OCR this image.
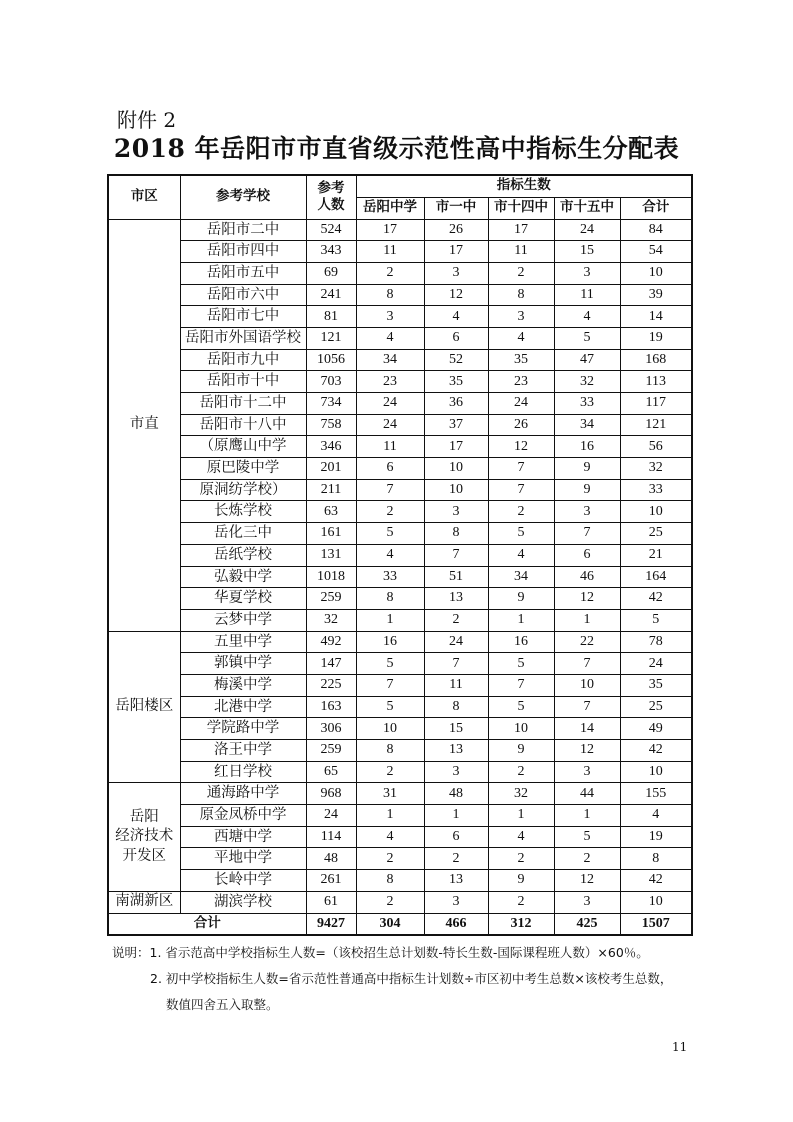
附件 2
2018 年岳阳市市直省级示范性高中指标生分配表
市区	参考学校	参考人数	指标生数				
			岳阳中学	市一中	市十四中	市十五中	合计
市直	岳阳市二中	524	17	26	17	24	84
	岳阳市四中	343	11	17	11	15	54
	岳阳市五中	69	2	3	2	3	10
	岳阳市六中	241	8	12	8	11	39
	岳阳市七中	81	3	4	3	4	14
	岳阳市外国语学校	121	4	6	4	5	19
	岳阳市九中	1056	34	52	35	47	168
	岳阳市十中	703	23	35	23	32	113
	岳阳市十二中	734	24	36	24	33	117
	岳阳市十八中	758	24	37	26	34	121
	（原鹰山中学	346	11	17	12	16	56
	原巴陵中学	201	6	10	7	9	32
	原洞纺学校）	211	7	10	7	9	33
	长炼学校	63	2	3	2	3	10
	岳化三中	161	5	8	5	7	25
	岳纸学校	131	4	7	4	6	21
	弘毅中学	1018	33	51	34	46	164
	华夏学校	259	8	13	9	12	42
	云梦中学	32	1	2	1	1	5
岳阳楼区	五里中学	492	16	24	16	22	78
	郭镇中学	147	5	7	5	7	24
	梅溪中学	225	7	11	7	10	35
	北港中学	163	5	8	5	7	25
	学院路中学	306	10	15	10	14	49
	洛王中学	259	8	13	9	12	42
	红日学校	65	2	3	2	3	10
岳阳
经济技术
开发区	通海路中学	968	31	48	32	44	155
	原金凤桥中学	24	1	1	1	1	4
	西塘中学	114	4	6	4	5	19
	平地中学	48	2	2	2	2	8
	长岭中学	261	8	13	9	12	42
南湖新区	湖滨学校	61	2	3	2	3	10
合计		9427	304	466	312	425	1507
说明：1. 省示范高中学校指标生人数=（该校招生总计划数-特长生数-国际课程班人数）×60％。
2. 初中学校指标生人数=省示范性普通高中指标生计划数÷市区初中考生总数×该校考生总数，
数值四舍五入取整。
11
